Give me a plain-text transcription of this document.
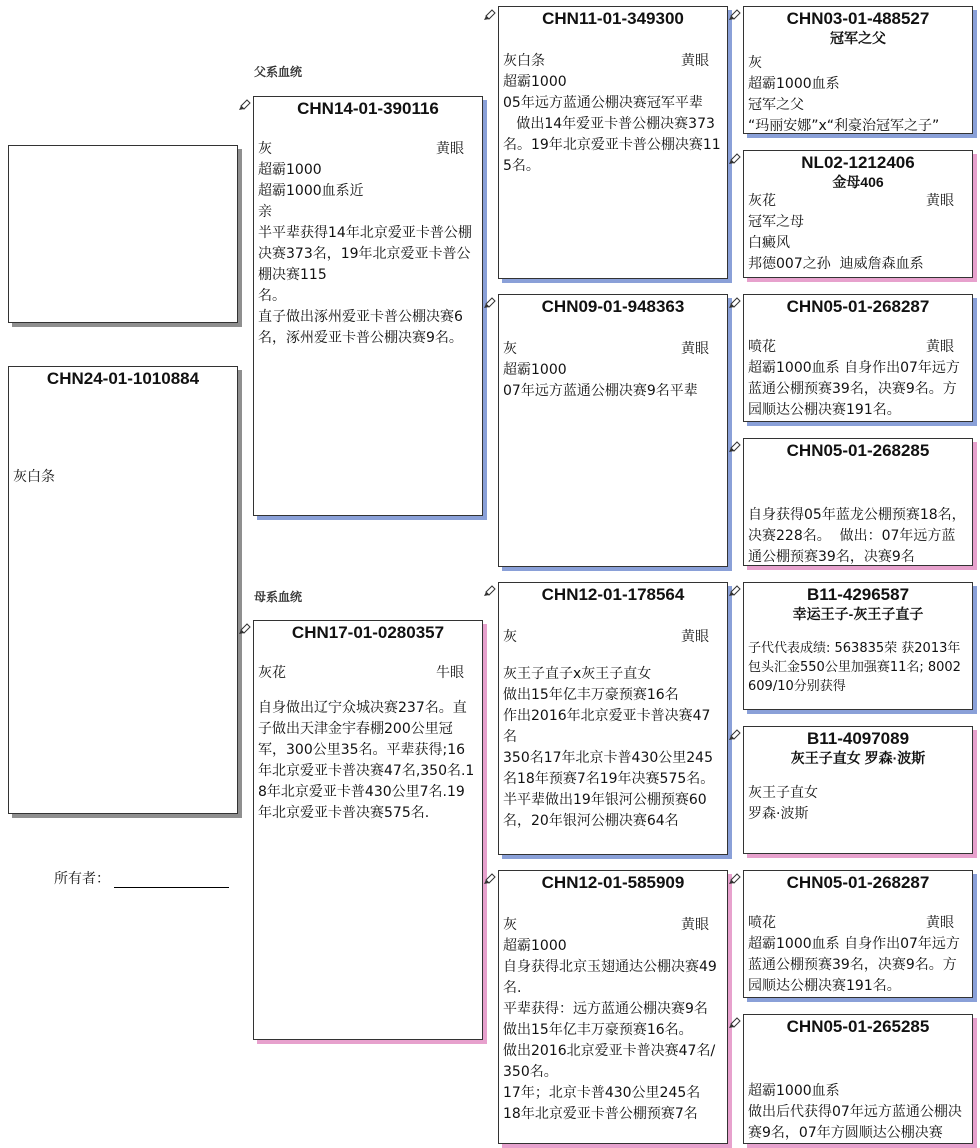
父系血统
母系血统
CHN24-01-1010884
灰白条
所有者：
CHN14-01-390116
灰	黄眼
超霸1000
超霸1000血系近
亲
半平辈获得14年北京爱亚卡普公棚决赛373名，19年北京爱亚卡普公棚决赛115
名。
直子做出涿州爱亚卡普公棚决赛6名，涿州爱亚卡普公棚决赛9名。
CHN17-01-0280357
灰花	牛眼
自身做出辽宁众城决赛237名。直子做出天津金宇春棚200公里冠军，300公里35名。平辈获得;16年北京爱亚卡普决赛47名,350名.18年北京爱亚卡普430公里7名.19年北京爱亚卡普决赛575名.
CHN11-01-349300
灰白条	黄眼
超霸1000
05年远方蓝通公棚决赛冠军平辈
做出14年爱亚卡普公棚决赛373名。19年北京爱亚卡普公棚决赛115名。
CHN09-01-948363
灰	黄眼
超霸1000
07年远方蓝通公棚决赛9名平辈
CHN12-01-178564
灰	黄眼
灰王子直子x灰王子直女
做出15年亿丰万豪预赛16名
作出2016年北京爱亚卡普决赛47名
350名17年北京卡普430公里245名18年预赛7名19年决赛575名。半平辈做出19年银河公棚预赛60名，20年银河公棚决赛64名
CHN12-01-585909
灰	黄眼
超霸1000
自身获得北京玉翅通达公棚决赛49名.
平辈获得：远方蓝通公棚决赛9名
做出15年亿丰万豪预赛16名。
做出2016北京爱亚卡普决赛47名/350名。
17年；北京卡普430公里245名
18年北京爱亚卡普公棚预赛7名
CHN03-01-488527
冠军之父
灰
超霸1000血系
冠军之父
“玛丽安娜”x“利豪治冠军之子”
NL02-1212406
金母406
灰花	黄眼
冠军之母
白癜风
邦德007之孙  迪威詹森血系
CHN05-01-268287
喷花	黄眼
超霸1000血系 自身作出07年远方蓝通公棚预赛39名，决赛9名。方园顺达公棚决赛191名。
CHN05-01-268285
自身获得05年蓝龙公棚预赛18名，决赛228名。  做出：07年远方蓝通公棚预赛39名，决赛9名
B11-4296587
幸运王子-灰王子直子
子代代表成绩: 563835荣 获2013年包头汇金550公里加强赛11名; 8002609/10分别获得
B11-4097089
灰王子直女 罗森·波斯
灰王子直女
罗森·波斯
CHN05-01-268287
喷花	黄眼
超霸1000血系 自身作出07年远方蓝通公棚预赛39名，决赛9名。方园顺达公棚决赛191名。
CHN05-01-265285
超霸1000血系
做出后代获得07年远方蓝通公棚决赛9名，07年方圆顺达公棚决赛
